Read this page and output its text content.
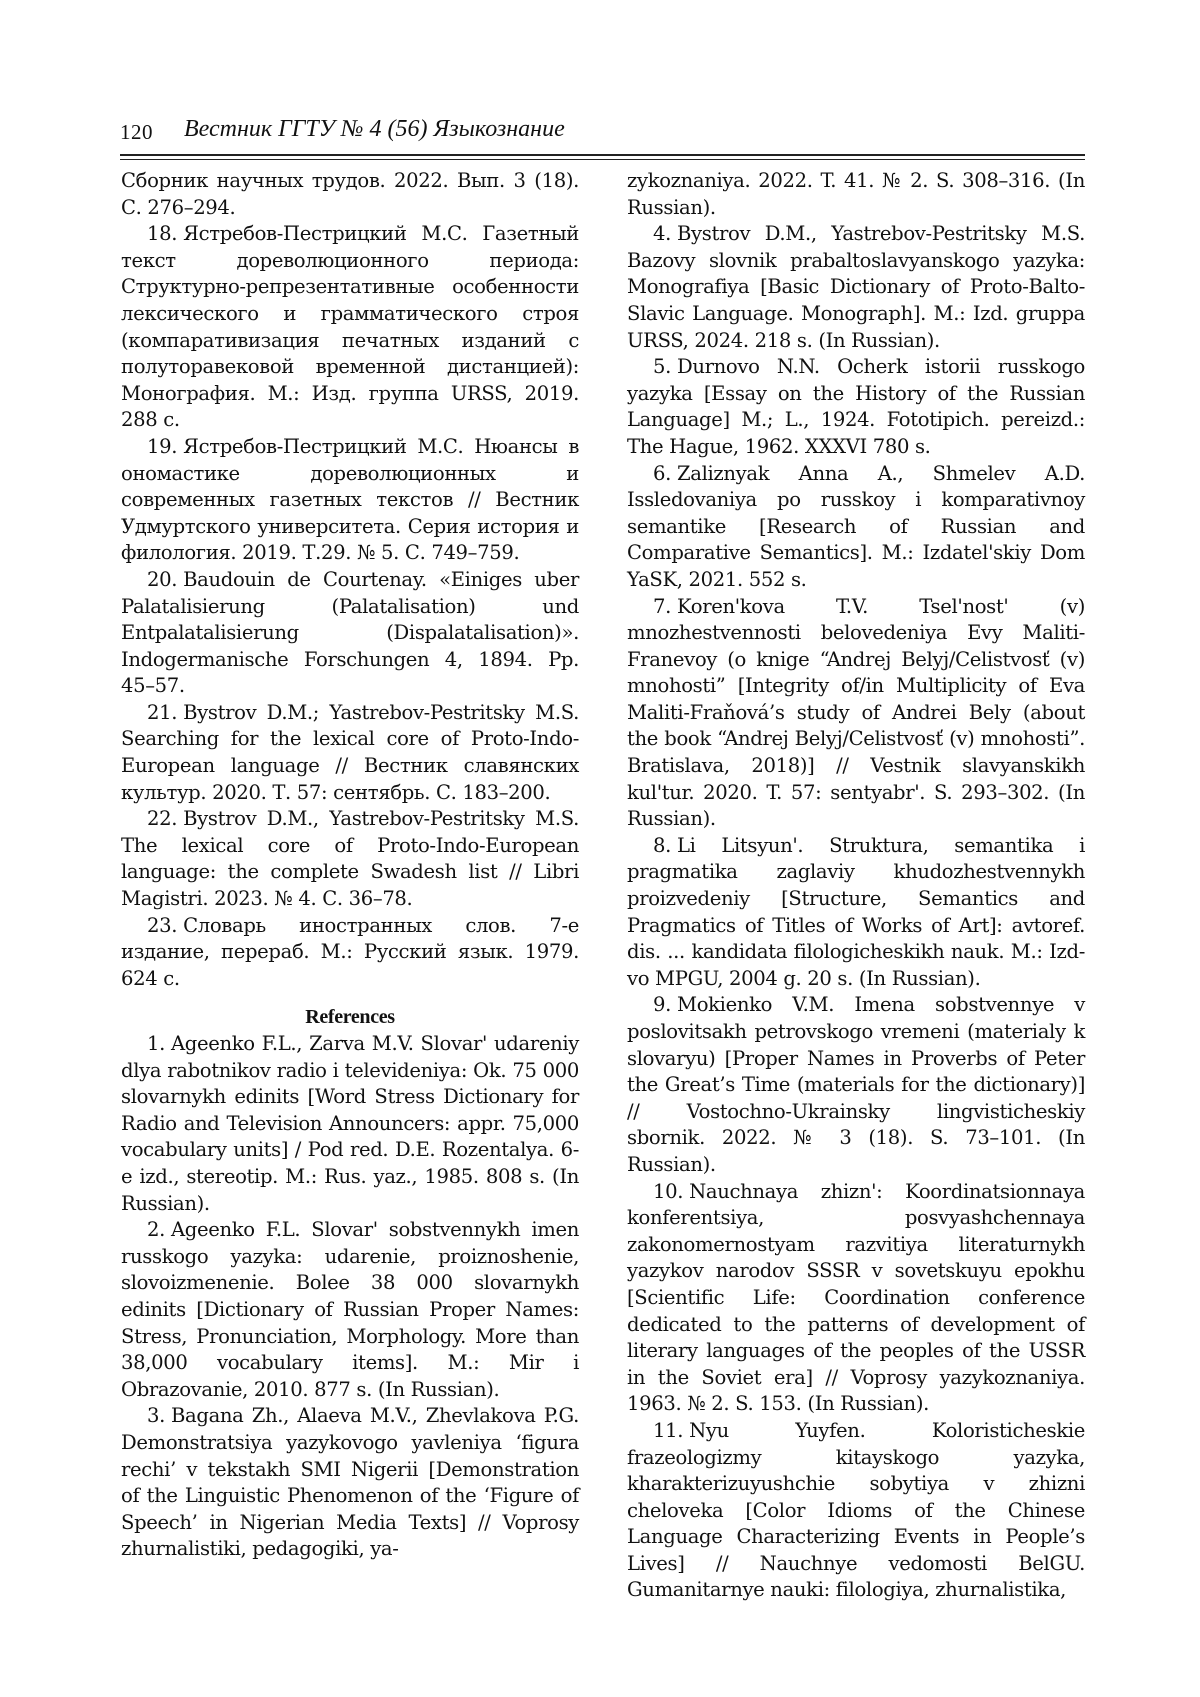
120 Вестник ГГТУ № 4 (56) Языкознание

Сборник научных трудов. 2022. Вып. 3 (18). С. 276–294.

18. Ястребов-Пестрицкий М.С. Газетный текст дореволюционного периода: Структурно-репрезентативные особенности лексического и грамматического строя (компаративизация печатных изданий с полуторавековой временной дистанцией): Монография. М.: Изд. группа URSS, 2019. 288 с.

19. Ястребов-Пестрицкий М.С. Нюансы в ономастике дореволюционных и современных газетных текстов // Вестник Удмуртского университета. Серия история и филология. 2019. Т.29. № 5. С. 749–759.

20. Baudouin de Courtenay. «Einiges uber Palatalisierung (Palatalisation) und Entpalatalisierung (Dispalatalisation)». Indogermanische Forschungen 4, 1894. Pp. 45–57.

21. Bystrov D.M.; Yastrebov-Pestritsky M.S. Searching for the lexical core of Proto-Indo-European language // Вестник славянских культур. 2020. Т. 57: сентябрь. С. 183–200.

22. Bystrov D.M., Yastrebov-Pestritsky M.S. The lexical core of Proto-Indo-European language: the complete Swadesh list // Libri Magistri. 2023. № 4. С. 36–78.

23. Словарь иностранных слов. 7-е издание, перераб. М.: Русский язык. 1979. 624 с.

References

1. Ageenko F.L., Zarva M.V. Slovar' udareniy dlya rabotnikov radio i televideniya: Ok. 75 000 slovarnykh edinits [Word Stress Dictionary for Radio and Television Announcers: appr. 75,000 vocabulary units] / Pod red. D.E. Rozentalya. 6-e izd., stereotip. M.: Rus. yaz., 1985. 808 s. (In Russian).

2. Ageenko F.L. Slovar' sobstvennykh imen russkogo yazyka: udarenie, proiznoshenie, slovoizmenenie. Bolee 38 000 slovarnykh edinits [Dictionary of Russian Proper Names: Stress, Pronunciation, Morphology. More than 38,000 vocabulary items]. M.: Mir i Obrazovanie, 2010. 877 s. (In Russian).

3. Bagana Zh., Alaeva M.V., Zhevlakova P.G. Demonstratsiya yazykovogo yavleniya ‘figura rechi’ v tekstakh SMI Nigerii [Demonstration of the Linguistic Phenomenon of the ‘Figure of Speech’ in Nigerian Media Texts] // Voprosy zhurnalistiki, pedagogiki, ya-

zykoznaniya. 2022. T. 41. № 2. S. 308–316. (In Russian).

4. Bystrov D.M., Yastrebov-Pestritsky M.S. Bazovy slovnik prabaltoslavyanskogo yazyka: Monografiya [Basic Dictionary of Proto-Balto-Slavic Language. Monograph]. M.: Izd. gruppa URSS, 2024. 218 s. (In Russian).

5. Durnovo N.N. Ocherk istorii russkogo yazyka [Essay on the History of the Russian Language] M.; L., 1924. Fototipich. pereizd.: The Hague, 1962. XXXVI 780 s.

6. Zaliznyak Anna A., Shmelev A.D. Issledovaniya po russkoy i komparativnoy semantike [Research of Russian and Comparative Semantics]. M.: Izdatel'skiy Dom YaSK, 2021. 552 s.

7. Koren'kova T.V. Tsel'nost' (v) mnozhestvennosti belovedeniya Evy Maliti-Franevoy (o knige “Andrej Belyj/Celistvosť (v) mnohosti” [Integrity of/in Multiplicity of Eva Maliti-Fraňová’s study of Andrei Bely (about the book “Andrej Belyj/Celistvosť (v) mnohosti”. Bratislava, 2018)] // Vestnik slavyanskikh kul'tur. 2020. T. 57: sentyabr'. S. 293–302. (In Russian).

8. Li Litsyun'. Struktura, semantika i pragmatika zaglaviy khudozhestvennykh proizvedeniy [Structure, Semantics and Pragmatics of Titles of Works of Art]: avtoref. dis. ... kandidata filologicheskikh nauk. M.: Izd-vo MPGU, 2004 g. 20 s. (In Russian).

9. Mokienko V.M. Imena sobstvennye v poslovitsakh petrovskogo vremeni (materialy k slovaryu) [Proper Names in Proverbs of Peter the Great’s Time (materials for the dictionary)] // Vostochno-Ukrainsky lingvisticheskiy sbornik. 2022. № 3 (18). S. 73–101. (In Russian).

10. Nauchnaya zhizn': Koordinatsionnaya konferentsiya, posvyashchennaya zakonomernostyam razvitiya literaturnykh yazykov narodov SSSR v sovetskuyu epokhu [Scientific Life: Coordination conference dedicated to the patterns of development of literary languages of the peoples of the USSR in the Soviet era] // Voprosy yazykoznaniya. 1963. № 2. S. 153. (In Russian).

11. Nyu Yuyfen. Koloristicheskie frazeologizmy kitayskogo yazyka, kharakterizuyushchie sobytiya v zhizni cheloveka [Color Idioms of the Chinese Language Characterizing Events in People’s Lives] // Nauchnye vedomosti BelGU. Gumanitarnye nauki: filologiya, zhurnalistika,
